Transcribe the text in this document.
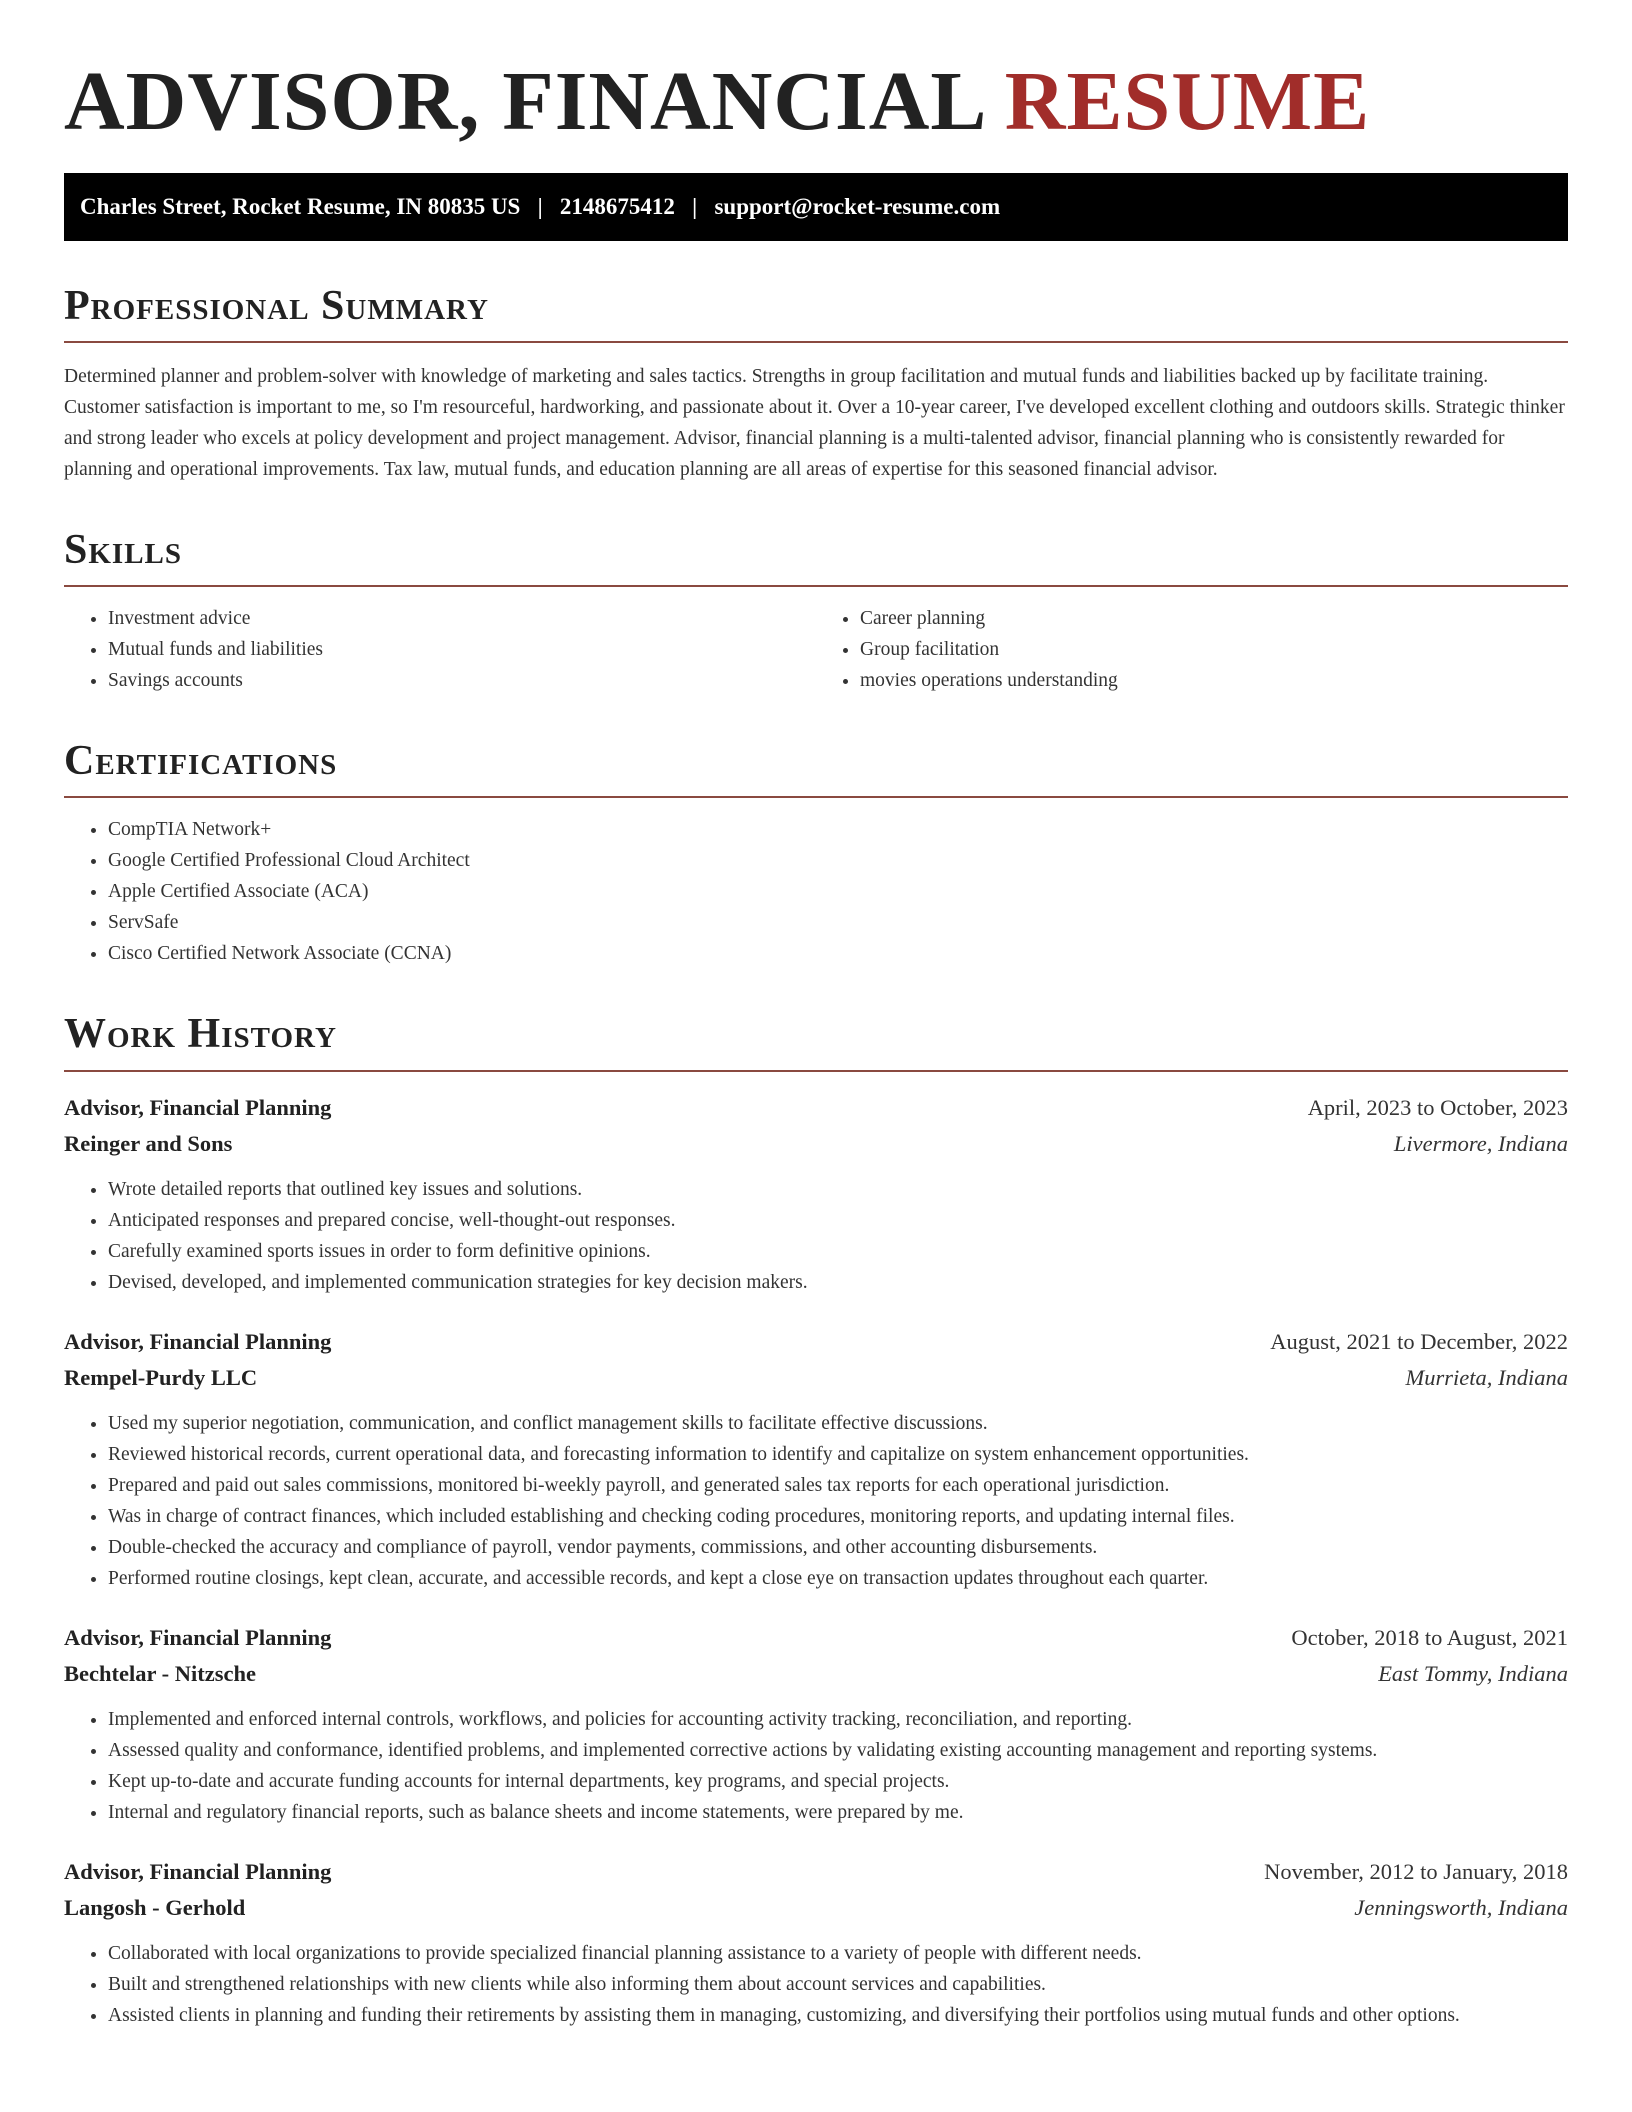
ADVISOR, FINANCIAL RESUME
Charles Street, Rocket Resume, IN 80835 US   |   2148675412   |   support@rocket-resume.com
Professional Summary

Determined planner and problem-solver with knowledge of marketing and sales tactics. Strengths in group facilitation and mutual funds and liabilities backed up by facilitate training. Customer satisfaction is important to me, so I'm resourceful, hardworking, and passionate about it. Over a 10-year career, I've developed excellent clothing and outdoors skills. Strategic thinker and strong leader who excels at policy development and project management. Advisor, financial planning is a multi-talented advisor, financial planning who is consistently rewarded for planning and operational improvements. Tax law, mutual funds, and education planning are all areas of expertise for this seasoned financial advisor.

Skills
• Investment advice
• Mutual funds and liabilities
• Savings accounts
• Career planning
• Group facilitation
• movies operations understanding
Certifications
• CompTIA Network+
• Google Certified Professional Cloud Architect
• Apple Certified Associate (ACA)
• ServSafe
• Cisco Certified Network Associate (CCNA)
Work History
Advisor, Financial Planning	April, 2023 to October, 2023
Reinger and Sons	Livermore, Indiana
• Wrote detailed reports that outlined key issues and solutions.
• Anticipated responses and prepared concise, well-thought-out responses.
• Carefully examined sports issues in order to form definitive opinions.
• Devised, developed, and implemented communication strategies for key decision makers.
Advisor, Financial Planning	August, 2021 to December, 2022
Rempel-Purdy LLC	Murrieta, Indiana
• Used my superior negotiation, communication, and conflict management skills to facilitate effective discussions.
• Reviewed historical records, current operational data, and forecasting information to identify and capitalize on system enhancement opportunities.
• Prepared and paid out sales commissions, monitored bi-weekly payroll, and generated sales tax reports for each operational jurisdiction.
• Was in charge of contract finances, which included establishing and checking coding procedures, monitoring reports, and updating internal files.
• Double-checked the accuracy and compliance of payroll, vendor payments, commissions, and other accounting disbursements.
• Performed routine closings, kept clean, accurate, and accessible records, and kept a close eye on transaction updates throughout each quarter.
Advisor, Financial Planning	October, 2018 to August, 2021
Bechtelar - Nitzsche	East Tommy, Indiana
• Implemented and enforced internal controls, workflows, and policies for accounting activity tracking, reconciliation, and reporting.
• Assessed quality and conformance, identified problems, and implemented corrective actions by validating existing accounting management and reporting systems.
• Kept up-to-date and accurate funding accounts for internal departments, key programs, and special projects.
• Internal and regulatory financial reports, such as balance sheets and income statements, were prepared by me.
Advisor, Financial Planning	November, 2012 to January, 2018
Langosh - Gerhold	Jenningsworth, Indiana
• Collaborated with local organizations to provide specialized financial planning assistance to a variety of people with different needs.
• Built and strengthened relationships with new clients while also informing them about account services and capabilities.
• Assisted clients in planning and funding their retirements by assisting them in managing, customizing, and diversifying their portfolios using mutual funds and other options.
